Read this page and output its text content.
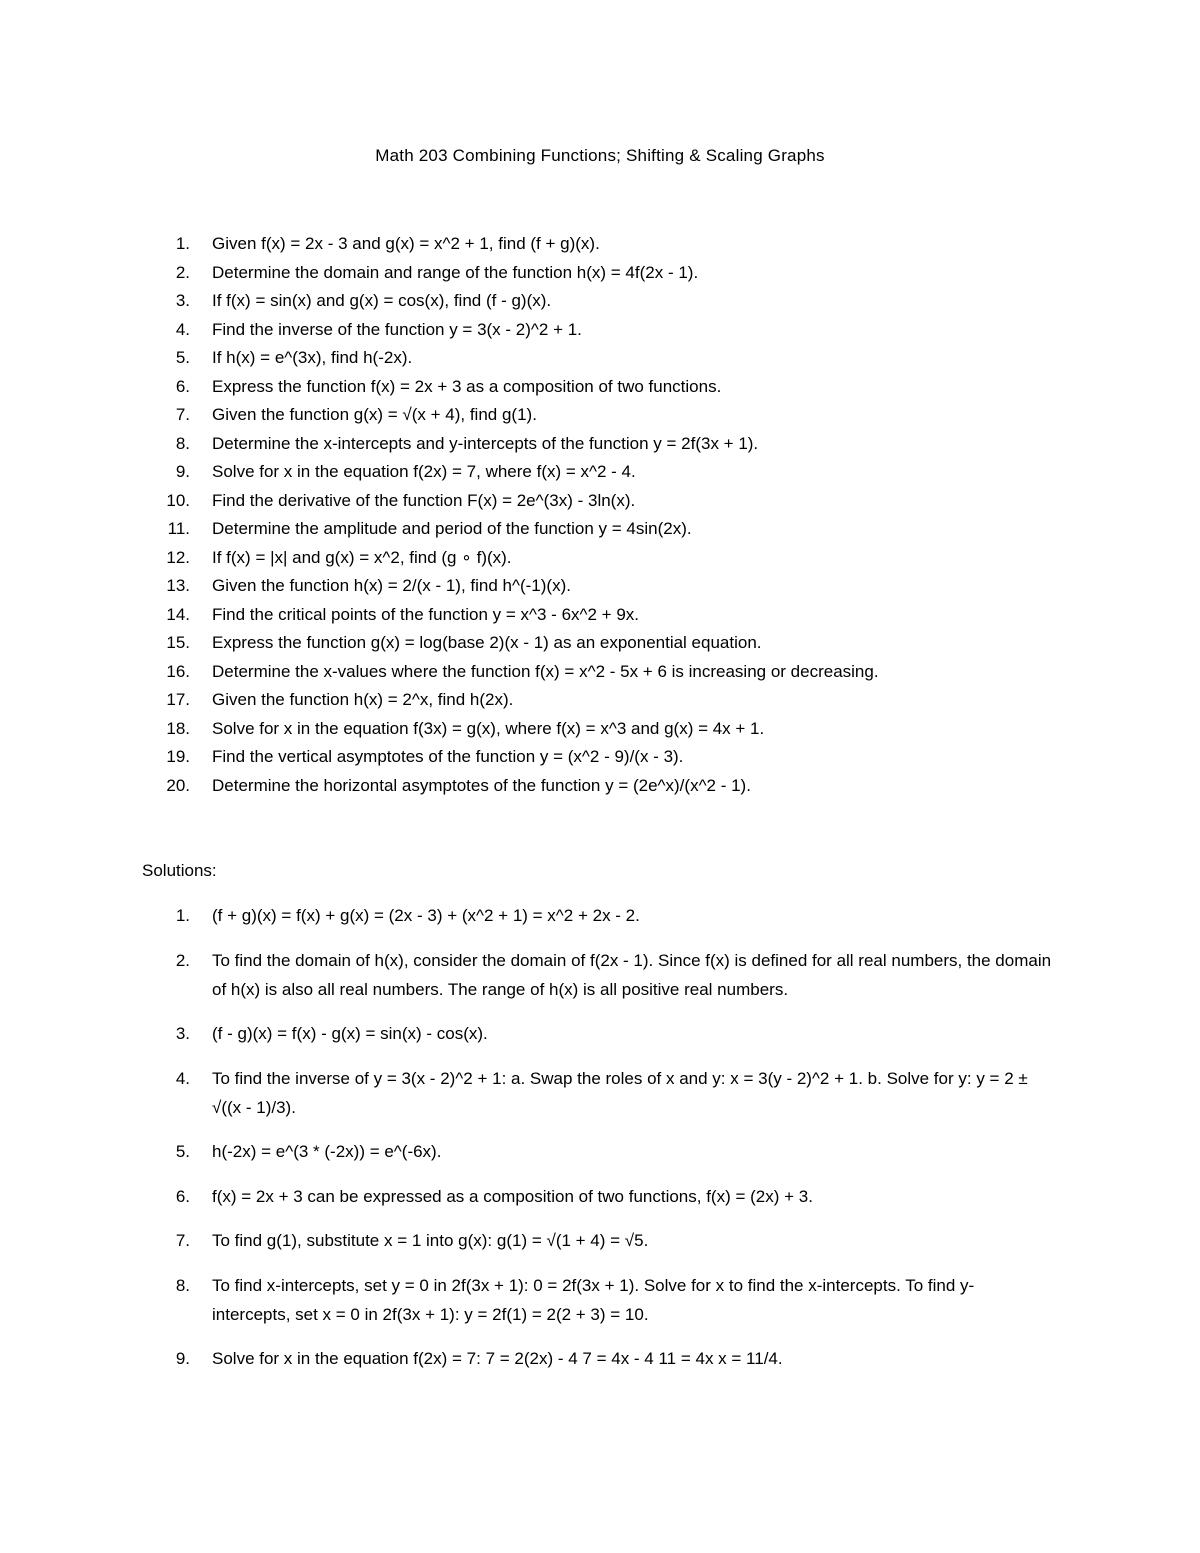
Math 203 Combining Functions; Shifting & Scaling Graphs
1. Given f(x) = 2x - 3 and g(x) = x^2 + 1, find (f + g)(x).
2. Determine the domain and range of the function h(x) = 4f(2x - 1).
3. If f(x) = sin(x) and g(x) = cos(x), find (f - g)(x).
4. Find the inverse of the function y = 3(x - 2)^2 + 1.
5. If h(x) = e^(3x), find h(-2x).
6. Express the function f(x) = 2x + 3 as a composition of two functions.
7. Given the function g(x) = √(x + 4), find g(1).
8. Determine the x-intercepts and y-intercepts of the function y = 2f(3x + 1).
9. Solve for x in the equation f(2x) = 7, where f(x) = x^2 - 4.
10. Find the derivative of the function F(x) = 2e^(3x) - 3ln(x).
11. Determine the amplitude and period of the function y = 4sin(2x).
12. If f(x) = |x| and g(x) = x^2, find (g ∘ f)(x).
13. Given the function h(x) = 2/(x - 1), find h^(-1)(x).
14. Find the critical points of the function y = x^3 - 6x^2 + 9x.
15. Express the function g(x) = log(base 2)(x - 1) as an exponential equation.
16. Determine the x-values where the function f(x) = x^2 - 5x + 6 is increasing or decreasing.
17. Given the function h(x) = 2^x, find h(2x).
18. Solve for x in the equation f(3x) = g(x), where f(x) = x^3 and g(x) = 4x + 1.
19. Find the vertical asymptotes of the function y = (x^2 - 9)/(x - 3).
20. Determine the horizontal asymptotes of the function y = (2e^x)/(x^2 - 1).
Solutions:
1. (f + g)(x) = f(x) + g(x) = (2x - 3) + (x^2 + 1) = x^2 + 2x - 2.
2. To find the domain of h(x), consider the domain of f(2x - 1). Since f(x) is defined for all real numbers, the domain of h(x) is also all real numbers. The range of h(x) is all positive real numbers.
3. (f - g)(x) = f(x) - g(x) = sin(x) - cos(x).
4. To find the inverse of y = 3(x - 2)^2 + 1: a. Swap the roles of x and y: x = 3(y - 2)^2 + 1. b. Solve for y: y = 2 ± √((x - 1)/3).
5. h(-2x) = e^(3 * (-2x)) = e^(-6x).
6. f(x) = 2x + 3 can be expressed as a composition of two functions, f(x) = (2x) + 3.
7. To find g(1), substitute x = 1 into g(x): g(1) = √(1 + 4) = √5.
8. To find x-intercepts, set y = 0 in 2f(3x + 1): 0 = 2f(3x + 1). Solve for x to find the x-intercepts. To find y-intercepts, set x = 0 in 2f(3x + 1): y = 2f(1) = 2(2 + 3) = 10.
9. Solve for x in the equation f(2x) = 7: 7 = 2(2x) - 4 7 = 4x - 4 11 = 4x x = 11/4.
